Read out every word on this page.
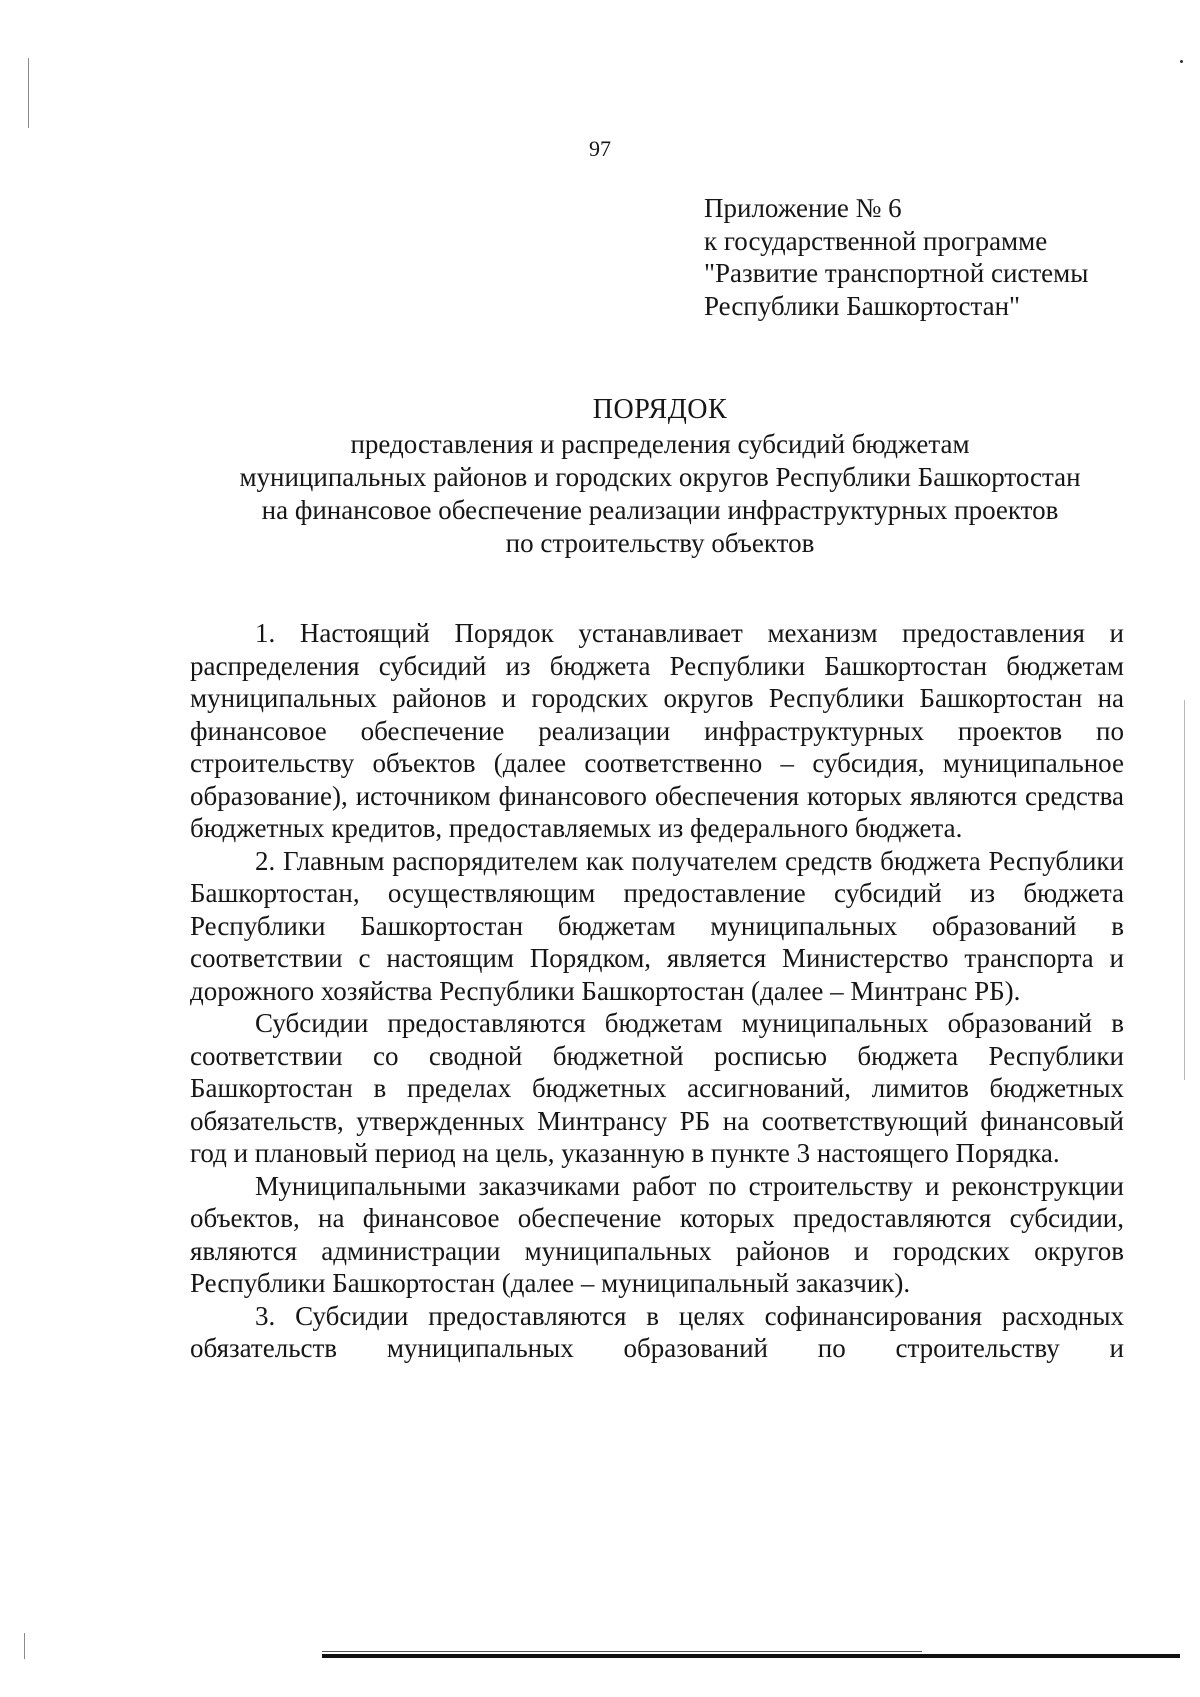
97
Приложение № 6
к государственной программе
"Развитие транспортной системы
Республики Башкортостан"
ПОРЯДОК
предоставления и распределения субсидий бюджетам
муниципальных районов и городских округов Республики Башкортостан
на финансовое обеспечение реализации инфраструктурных проектов
по строительству объектов

1. Настоящий Порядок устанавливает механизм предоставления и распределения субсидий из бюджета Республики Башкортостан бюджетам муниципальных районов и городских округов Республики Башкортостан на финансовое обеспечение реализации инфраструктурных проектов по строительству объектов (далее соответственно – субсидия, муниципальное образование), источником финансового обеспечения которых являются средства бюджетных кредитов, предоставляемых из федерального бюджета.

2. Главным распорядителем как получателем средств бюджета Республики Башкортостан, осуществляющим предоставление субсидий из бюджета Республики Башкортостан бюджетам муниципальных образований в соответствии с настоящим Порядком, является Министерство транспорта и дорожного хозяйства Республики Башкортостан (далее – Минтранс РБ).

Субсидии предоставляются бюджетам муниципальных образований в соответствии со сводной бюджетной росписью бюджета Республики Башкортостан в пределах бюджетных ассигнований, лимитов бюджетных обязательств, утвержденных Минтрансу РБ на соответствующий финансовый год и плановый период на цель, указанную в пункте 3 настоящего Порядка.

Муниципальными заказчиками работ по строительству и реконструкции объектов, на финансовое обеспечение которых предоставляются субсидии, являются администрации муниципальных районов и городских округов Республики Башкортостан (далее – муниципальный заказчик).

3. Субсидии предоставляются в целях софинансирования расходных обязательств муниципальных образований по строительству и
